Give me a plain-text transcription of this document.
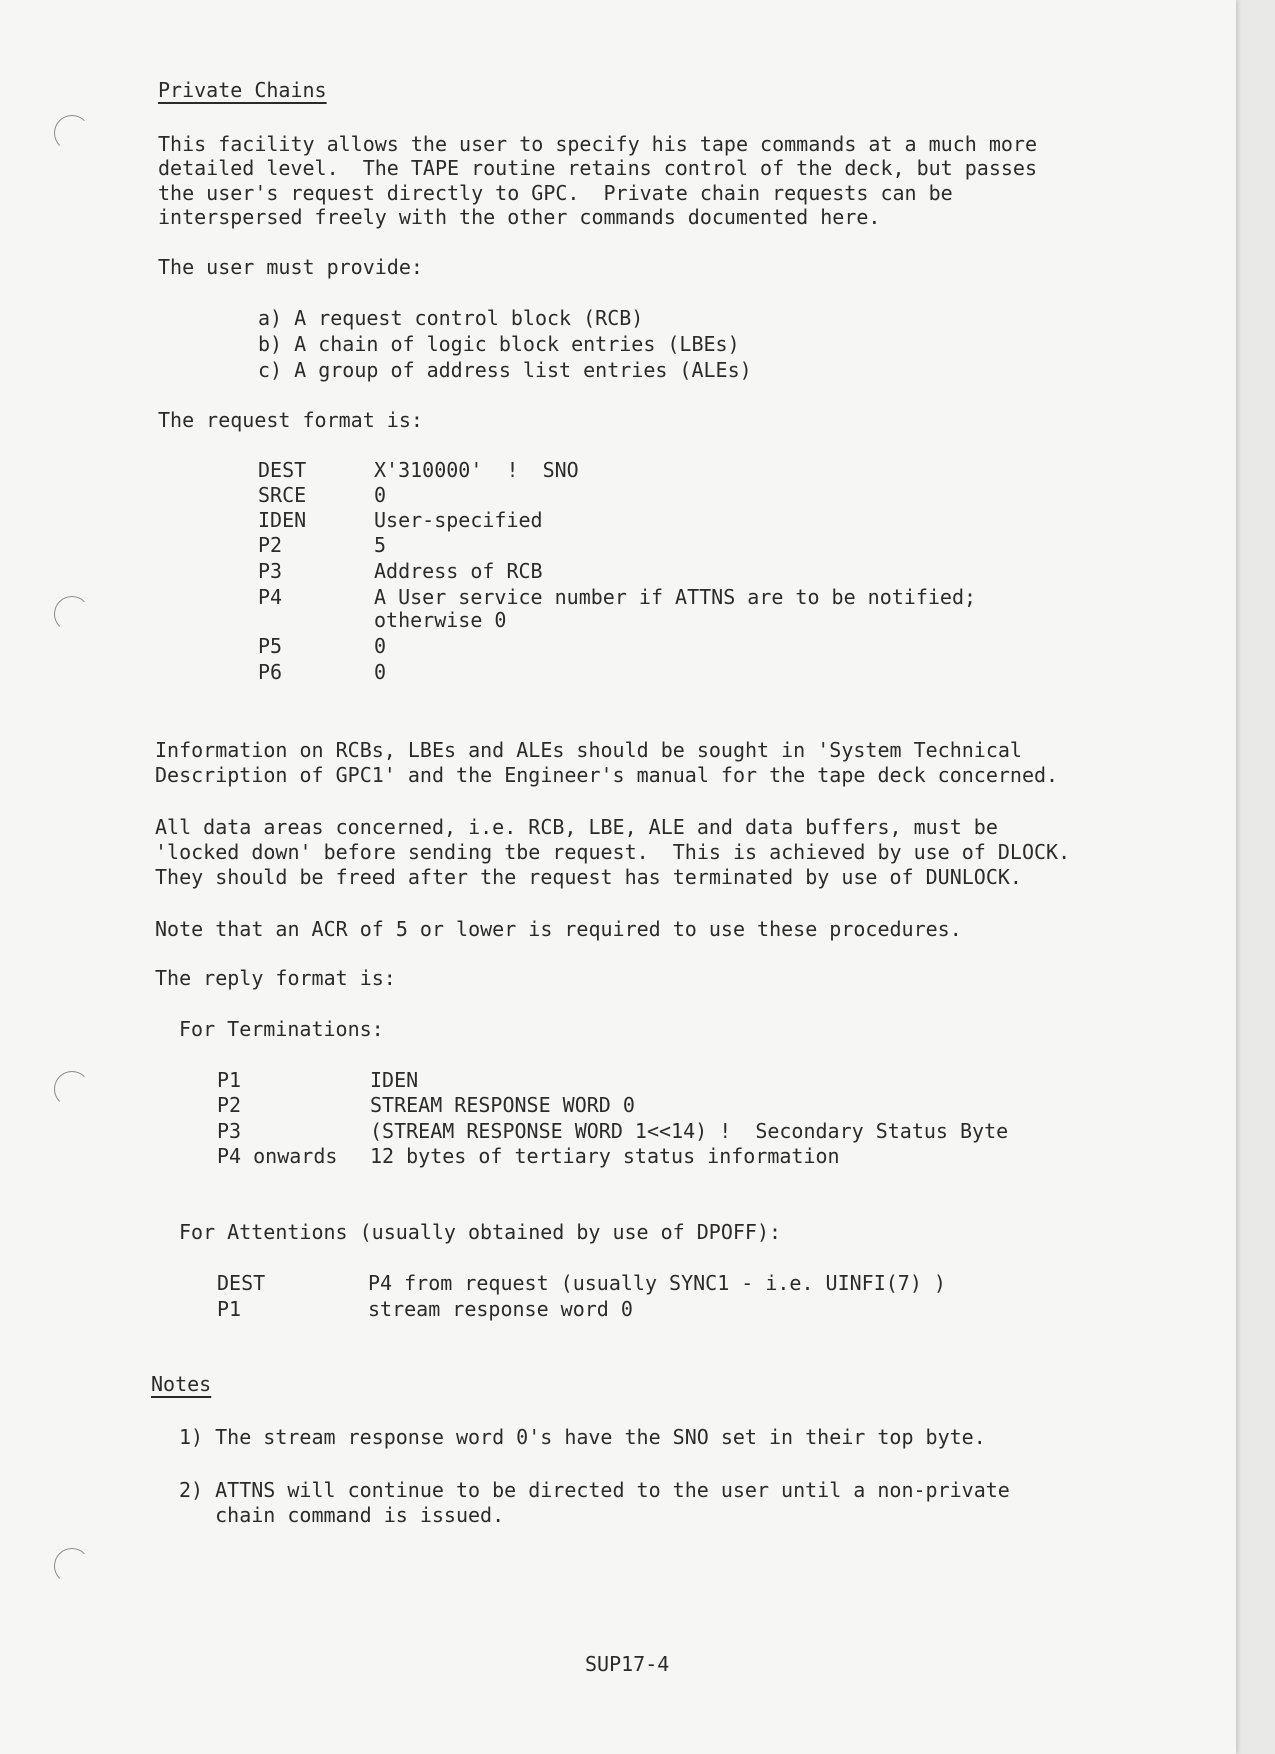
Private Chains
This facility allows the user to specify his tape commands at a much more
detailed level.  The TAPE routine retains control of the deck, but passes
the user's request directly to GPC.  Private chain requests can be
interspersed freely with the other commands documented here.
The user must provide:
a) A request control block (RCB)
b) A chain of logic block entries (LBEs)
c) A group of address list entries (ALEs)
The request format is:
DEST	X'310000'  !  SNO
SRCE	0
IDEN	User-specified
P2	5
P3	Address of RCB
P4	A User service number if ATTNS are to be notified;
otherwise 0
P5	0
P6	0
Information on RCBs, LBEs and ALEs should be sought in 'System Technical
Description of GPC1' and the Engineer's manual for the tape deck concerned.
All data areas concerned, i.e. RCB, LBE, ALE and data buffers, must be
'locked down' before sending tbe request.  This is achieved by use of DLOCK.
They should be freed after the request has terminated by use of DUNLOCK.
Note that an ACR of 5 or lower is required to use these procedures.
The reply format is:
For Terminations:
P1	IDEN
P2	STREAM RESPONSE WORD 0
P3	(STREAM RESPONSE WORD 1<<14) !  Secondary Status Byte
P4 onwards 12 bytes of tertiary status information
For Attentions (usually obtained by use of DPOFF):
DEST	P4 from request (usually SYNC1 - i.e. UINFI(7) )
P1	stream response word 0
Notes
1) The stream response word 0's have the SNO set in their top byte.
2) ATTNS will continue to be directed to the user until a non-private
chain command is issued.
SUP17-4
